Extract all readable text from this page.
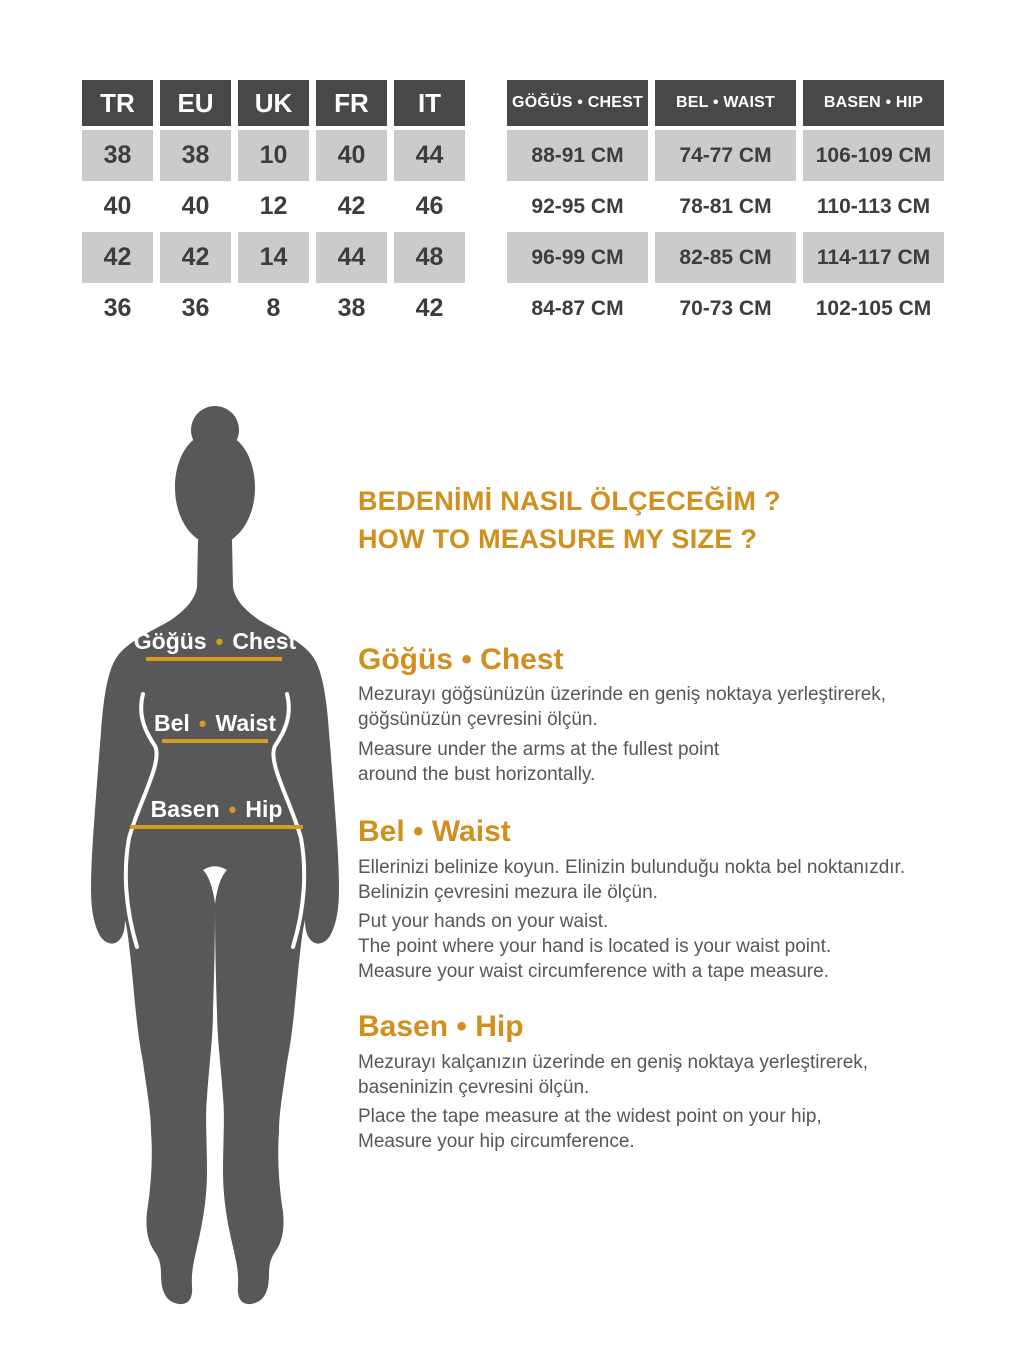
TR	EU	UK	FR	IT
38	38	10	40	44
40	40	12	42	46
42	42	14	44	48
36	36	8	38	42
GÖĞÜS • CHEST	BEL • WAIST	BASEN • HIP
88-91 CM	74-77 CM	106-109 CM
92-95 CM	78-81 CM	110-113 CM
96-99 CM	82-85 CM	114-117 CM
84-87 CM	70-73 CM	102-105 CM
Göğüs • Chest
Bel • Waist
Basen • Hip
BEDENİMİ NASIL ÖLÇECEĞİM ?
HOW TO MEASURE MY SIZE ?
Göğüs • Chest
Mezurayı göğsünüzün üzerinde en geniş noktaya yerleştirerek,
göğsünüzün çevresini ölçün.
Measure under the arms at the fullest point
around the bust horizontally.
Bel • Waist
Ellerinizi belinize koyun. Elinizin bulunduğu nokta bel noktanızdır.
Belinizin çevresini mezura ile ölçün.
Put your hands on your waist.
The point where your hand is located is your waist point.
Measure your waist circumference with a tape measure.
Basen • Hip
Mezurayı kalçanızın üzerinde en geniş noktaya yerleştirerek,
baseninizin çevresini ölçün.
Place the tape measure at the widest point on your hip,
Measure your hip circumference.
